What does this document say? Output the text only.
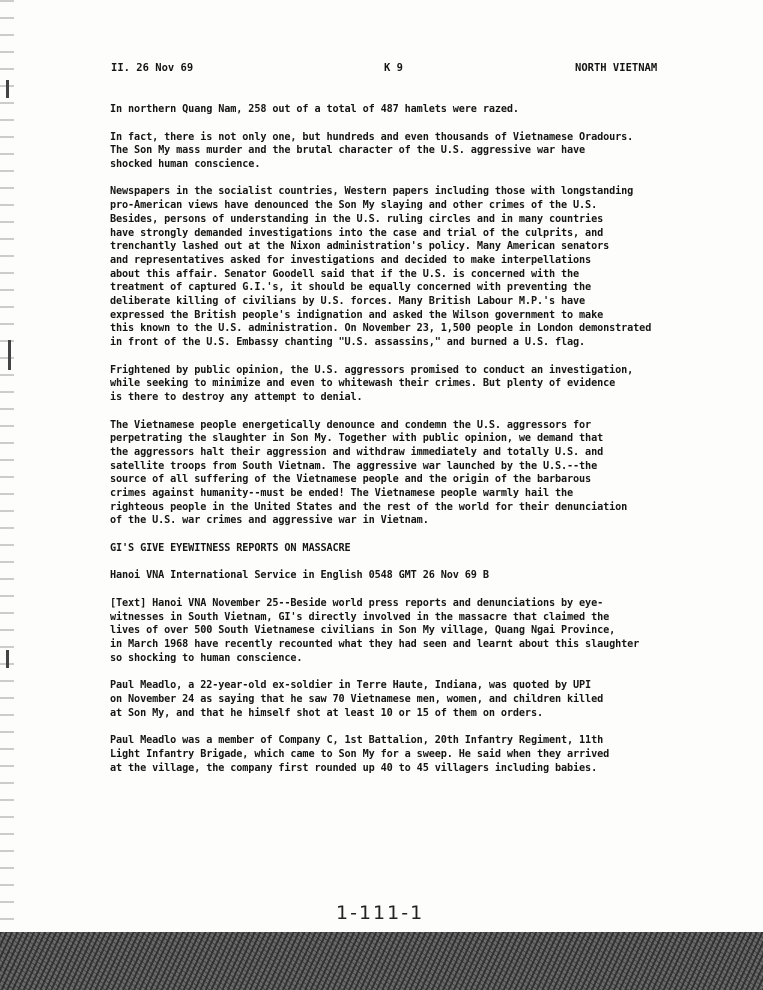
II. 26 Nov 69	K 9	NORTH VIETNAM

In northern Quang Nam, 258 out of a total of 487 hamlets were razed.

In fact, there is not only one, but hundreds and even thousands of Vietnamese Oradours.
The Son My mass murder and the brutal character of the U.S. aggressive war have
shocked human conscience.

Newspapers in the socialist countries, Western papers including those with longstanding
pro-American views have denounced the Son My slaying and other crimes of the U.S.
Besides, persons of understanding in the U.S. ruling circles and in many countries
have strongly demanded investigations into the case and trial of the culprits, and
trenchantly lashed out at the Nixon administration's policy. Many American senators
and representatives asked for investigations and decided to make interpellations
about this affair. Senator Goodell said that if the U.S. is concerned with the
treatment of captured G.I.'s, it should be equally concerned with preventing the
deliberate killing of civilians by U.S. forces. Many British Labour M.P.'s have
expressed the British people's indignation and asked the Wilson government to make
this known to the U.S. administration. On November 23, 1,500 people in London demonstrated
in front of the U.S. Embassy chanting "U.S. assassins," and burned a U.S. flag.

Frightened by public opinion, the U.S. aggressors promised to conduct an investigation,
while seeking to minimize and even to whitewash their crimes. But plenty of evidence
is there to destroy any attempt to denial.

The Vietnamese people energetically denounce and condemn the U.S. aggressors for
perpetrating the slaughter in Son My. Together with public opinion, we demand that
the aggressors halt their aggression and withdraw immediately and totally U.S. and
satellite troops from South Vietnam. The aggressive war launched by the U.S.--the
source of all suffering of the Vietnamese people and the origin of the barbarous
crimes against humanity--must be ended! The Vietnamese people warmly hail the
righteous people in the United States and the rest of the world for their denunciation
of the U.S. war crimes and aggressive war in Vietnam.

GI'S GIVE EYEWITNESS REPORTS ON MASSACRE

Hanoi VNA International Service in English 0548 GMT 26 Nov 69 B

[Text] Hanoi VNA November 25--Beside world press reports and denunciations by eye-
witnesses in South Vietnam, GI's directly involved in the massacre that claimed the
lives of over 500 South Vietnamese civilians in Son My village, Quang Ngai Province,
in March 1968 have recently recounted what they had seen and learnt about this slaughter
so shocking to human conscience.

Paul Meadlo, a 22-year-old ex-soldier in Terre Haute, Indiana, was quoted by UPI
on November 24 as saying that he saw 70 Vietnamese men, women, and children killed
at Son My, and that he himself shot at least 10 or 15 of them on orders.

Paul Meadlo was a member of Company C, 1st Battalion, 20th Infantry Regiment, 11th
Light Infantry Brigade, which came to Son My for a sweep. He said when they arrived
at the village, the company first rounded up 40 to 45 villagers including babies.

1-111-1
